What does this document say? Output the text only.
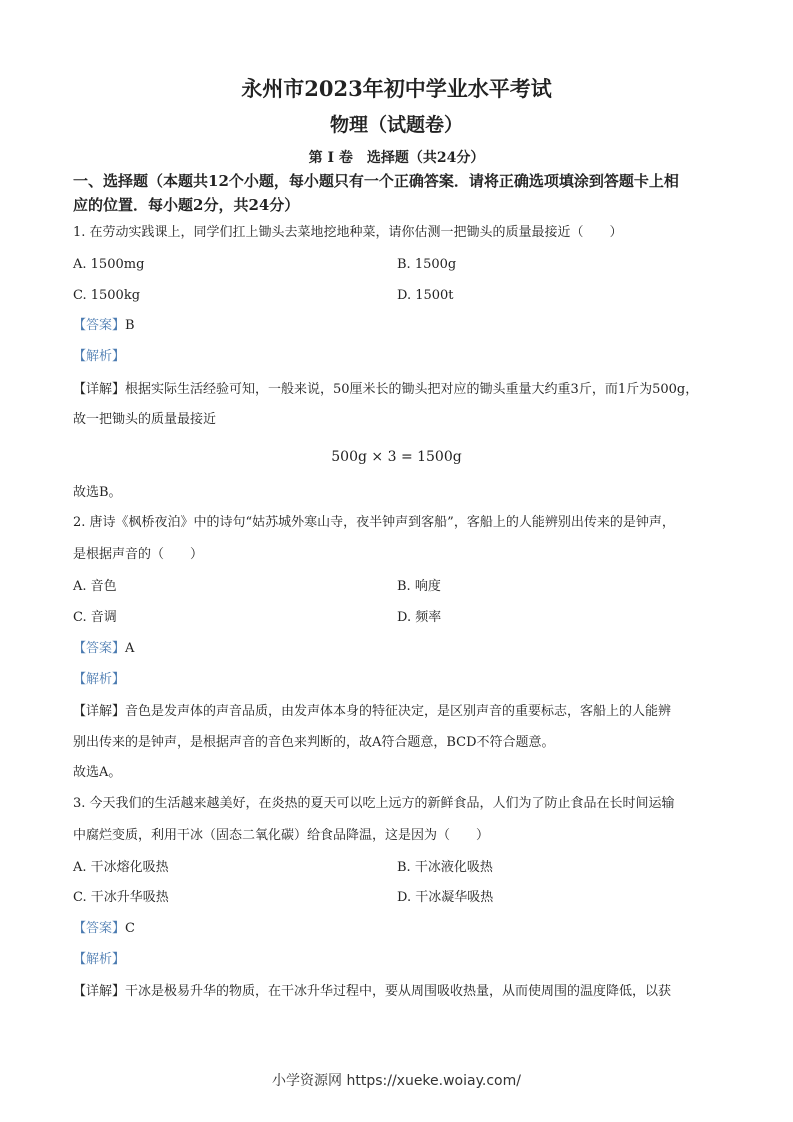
永州市2023年初中学业水平考试
物理（试题卷）
第 I 卷　选择题（共24分）
一、选择题（本题共12个小题，每小题只有一个正确答案．请将正确选项填涂到答题卡上相
应的位置．每小题2分，共24分）
1. 在劳动实践课上，同学们扛上锄头去菜地挖地种菜，请你估测一把锄头的质量最接近（　　）
A. 1500mg	B. 1500g
C. 1500kg	D. 1500t
【答案】B
【解析】
【详解】根据实际生活经验可知，一般来说，50厘米长的锄头把对应的锄头重量大约重3斤，而1斤为500g，
故一把锄头的质量最接近
500g × 3 = 1500g
故选B。
2. 唐诗《枫桥夜泊》中的诗句“姑苏城外寒山寺，夜半钟声到客船”，客船上的人能辨别出传来的是钟声，
是根据声音的（　　）
A. 音色	B. 响度
C. 音调	D. 频率
【答案】A
【解析】
【详解】音色是发声体的声音品质，由发声体本身的特征决定，是区别声音的重要标志，客船上的人能辨
别出传来的是钟声，是根据声音的音色来判断的，故A符合题意，BCD不符合题意。
故选A。
3. 今天我们的生活越来越美好，在炎热的夏天可以吃上远方的新鲜食品，人们为了防止食品在长时间运输
中腐烂变质，利用干冰（固态二氧化碳）给食品降温，这是因为（　　）
A. 干冰熔化吸热	B. 干冰液化吸热
C. 干冰升华吸热	D. 干冰凝华吸热
【答案】C
【解析】
【详解】干冰是极易升华的物质，在干冰升华过程中，要从周围吸收热量，从而使周围的温度降低，以获
小学资源网 https://xueke.woiay.com/
